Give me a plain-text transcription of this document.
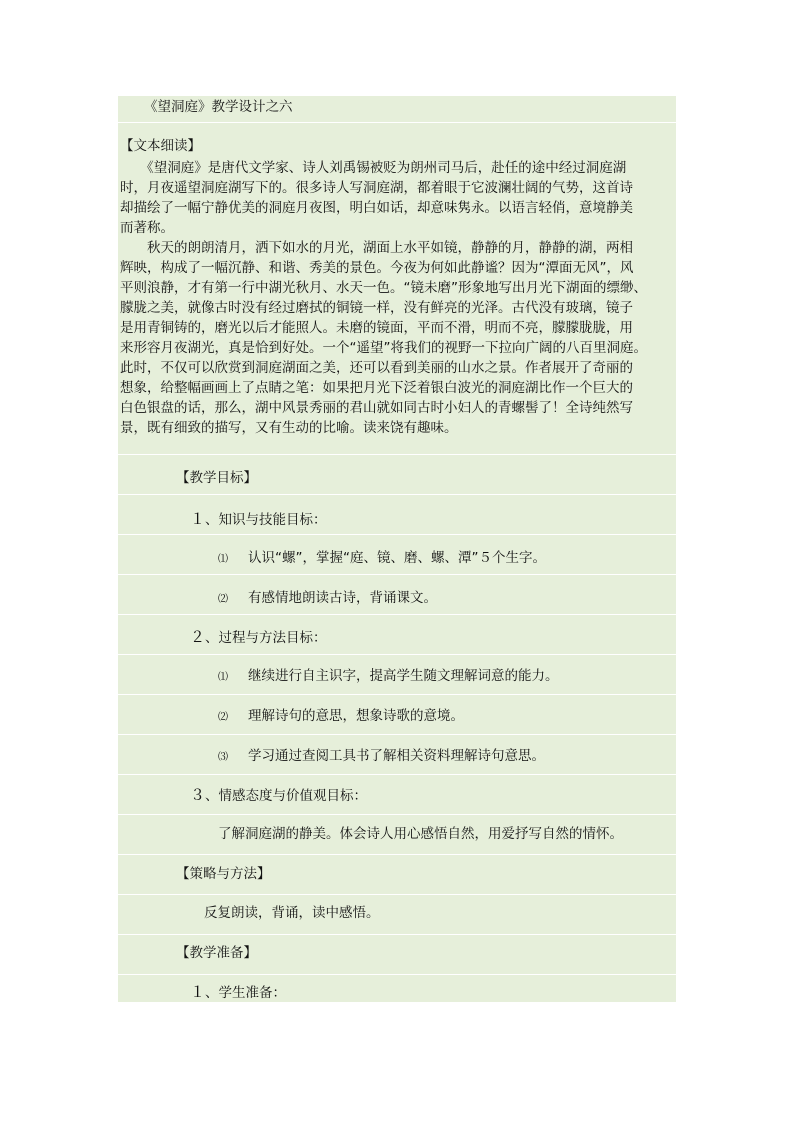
《望洞庭》教学设计之六
【文本细读】
　　《望洞庭》是唐代文学家、诗人刘禹锡被贬为朗州司马后，赴任的途中经过洞庭湖
时，月夜遥望洞庭湖写下的。很多诗人写洞庭湖，都着眼于它波澜壮阔的气势，这首诗
却描绘了一幅宁静优美的洞庭月夜图，明白如话，却意味隽永。以语言轻俏，意境静美
而著称。
　　秋天的朗朗清月，洒下如水的月光，湖面上水平如镜，静静的月，静静的湖，两相
辉映，构成了一幅沉静、和谐、秀美的景色。今夜为何如此静谧？因为“潭面无风”，风
平则浪静，才有第一行中湖光秋月、水天一色。“镜未磨”形象地写出月光下湖面的缥缈、
朦胧之美，就像古时没有经过磨拭的铜镜一样，没有鲜亮的光泽。古代没有玻璃，镜子
是用青铜铸的，磨光以后才能照人。未磨的镜面，平而不滑，明而不亮，朦朦胧胧，用
来形容月夜湖光，真是恰到好处。一个“遥望”将我们的视野一下拉向广阔的八百里洞庭。
此时，不仅可以欣赏到洞庭湖面之美，还可以看到美丽的山水之景。作者展开了奇丽的
想象，给整幅画画上了点睛之笔：如果把月光下泛着银白波光的洞庭湖比作一个巨大的
白色银盘的话，那么，湖中风景秀丽的君山就如同古时小妇人的青螺髻了！全诗纯然写
景，既有细致的描写，又有生动的比喻。读来饶有趣味。
【教学目标】
１、知识与技能目标：
⑴ 认识“螺”，掌握“庭、镜、磨、螺、潭”５个生字。
⑵ 有感情地朗读古诗，背诵课文。
２、过程与方法目标：
⑴ 继续进行自主识字，提高学生随文理解词意的能力。
⑵ 理解诗句的意思，想象诗歌的意境。
⑶ 学习通过查阅工具书了解相关资料理解诗句意思。
３、情感态度与价值观目标：
了解洞庭湖的静美。体会诗人用心感悟自然，用爱抒写自然的情怀。
【策略与方法】
反复朗读，背诵，读中感悟。
【教学准备】
１、学生准备：
